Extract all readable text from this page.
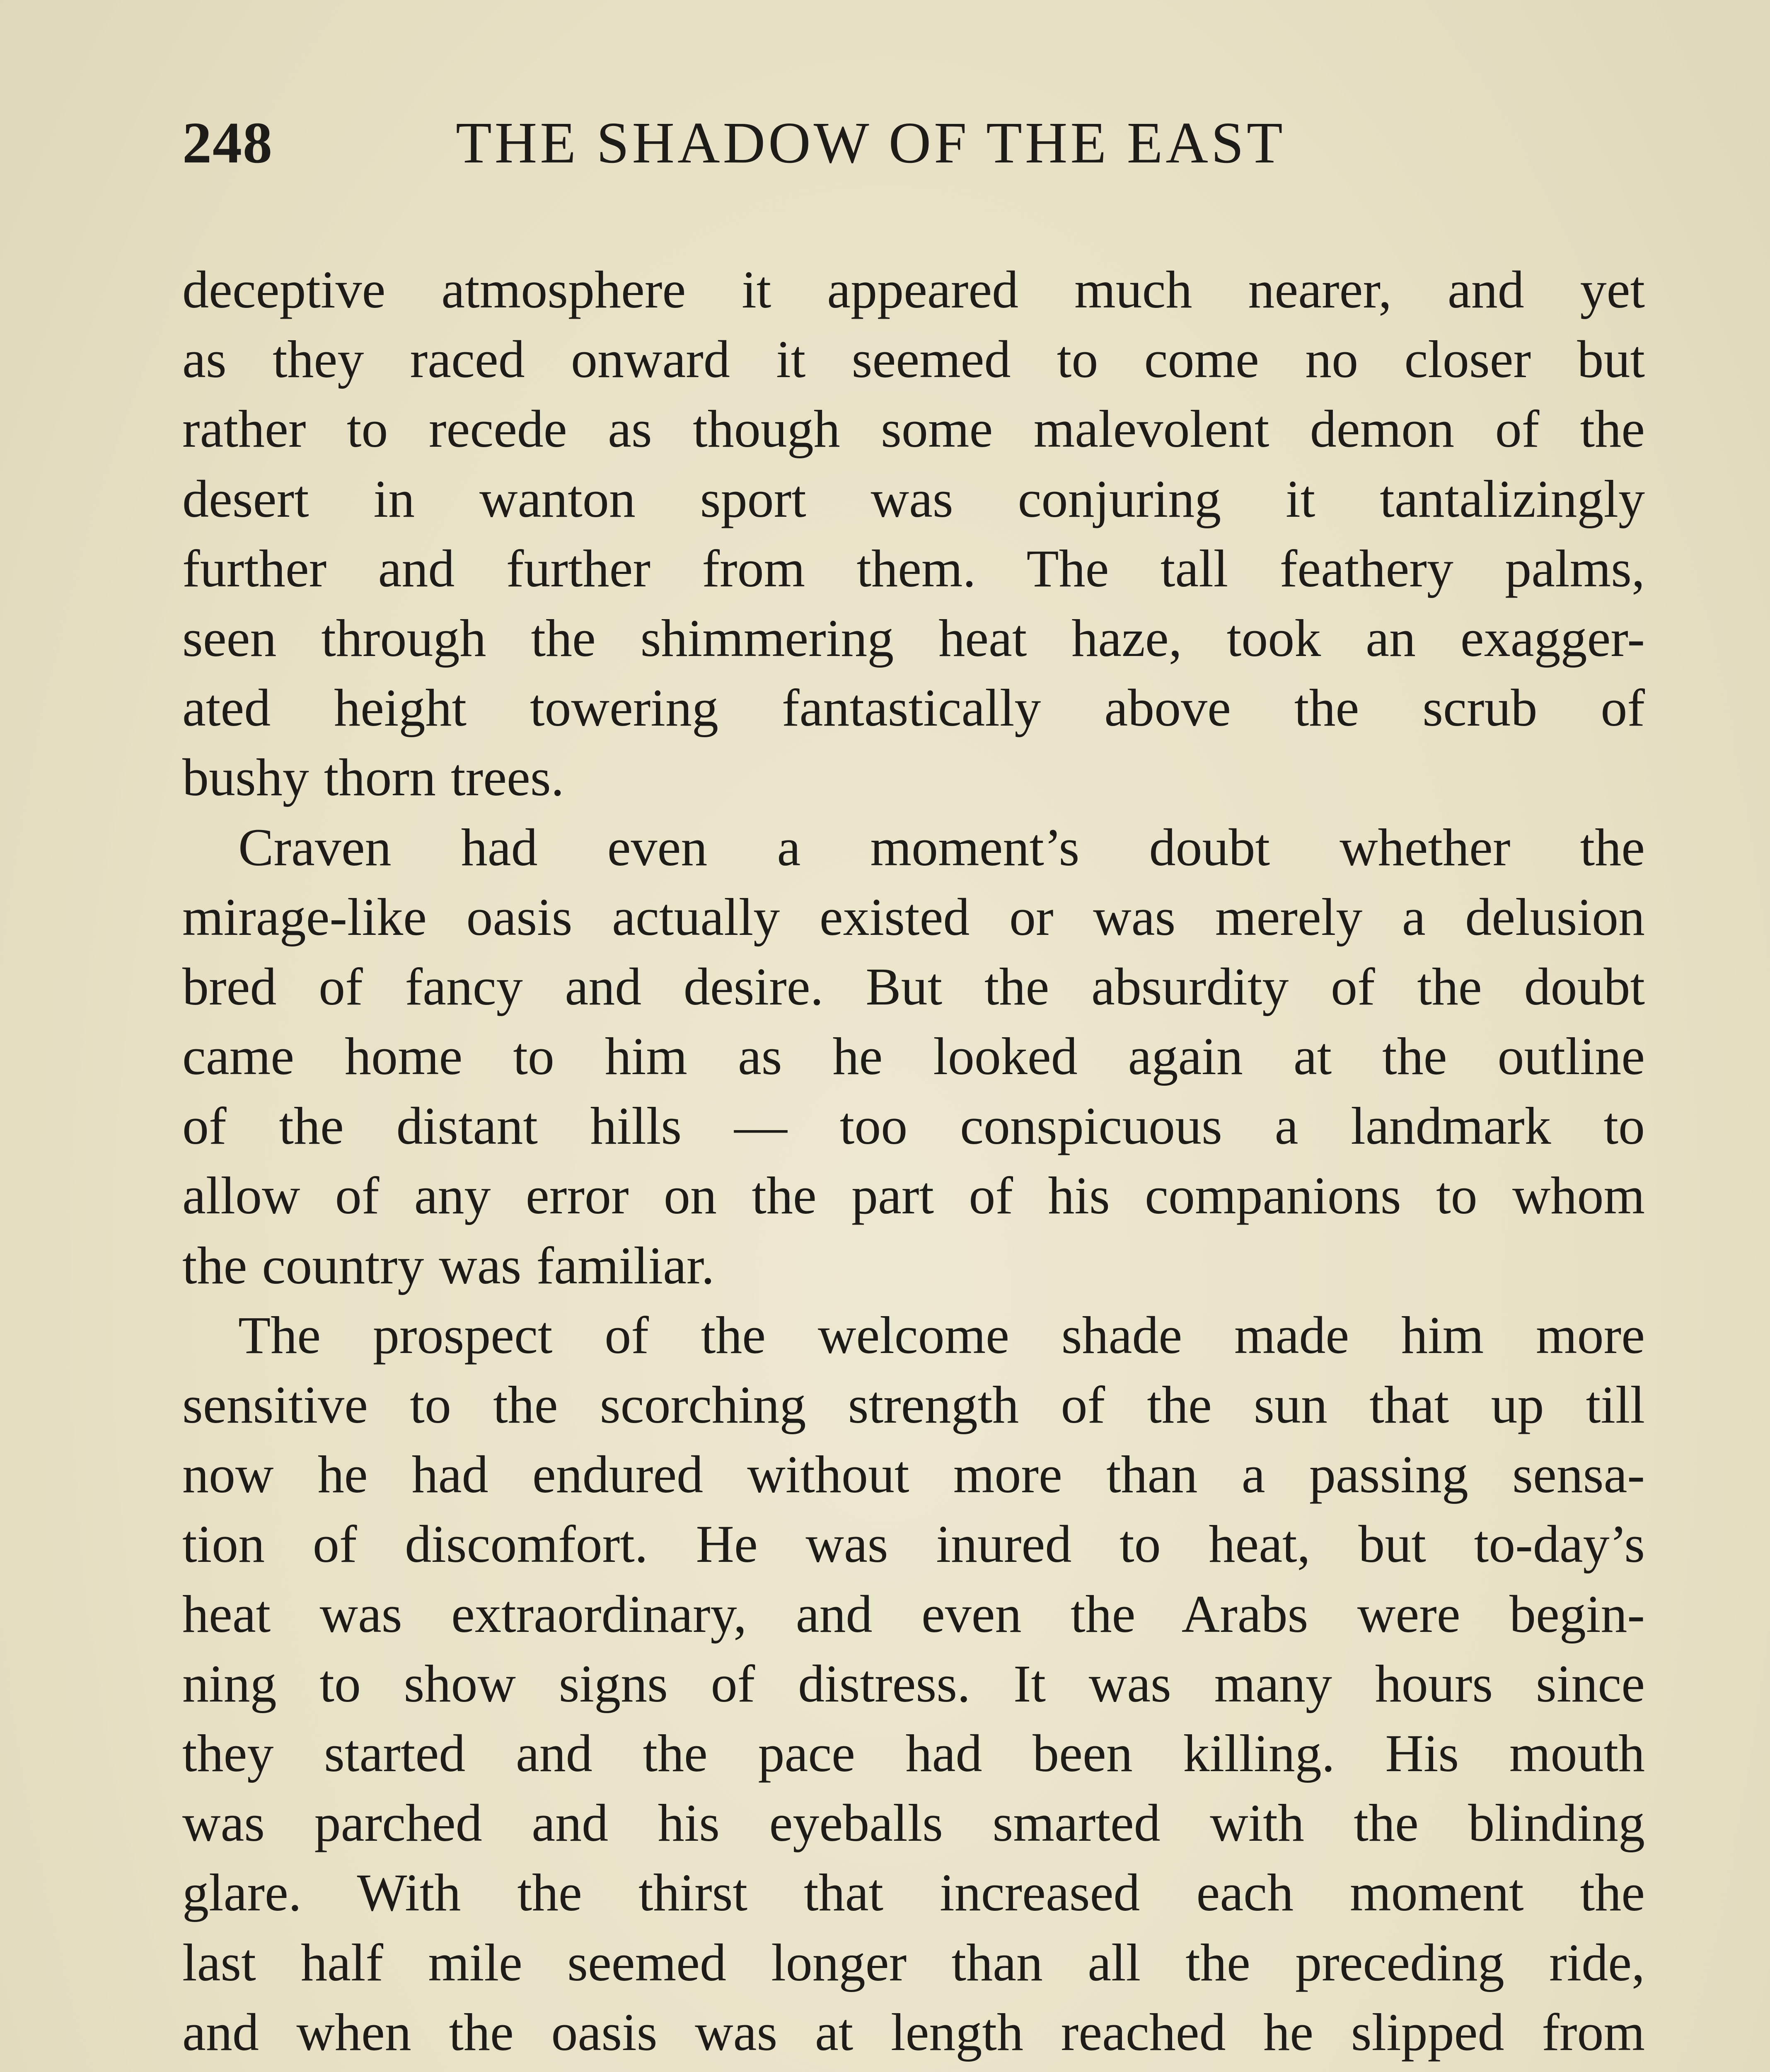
248	THE SHADOW OF THE EAST
deceptive atmosphere it appeared much nearer, and yet
as they raced onward it seemed to come no closer but
rather to recede as though some malevolent demon of the
desert in wanton sport was conjuring it tantalizingly
further and further from them. The tall feathery palms,
seen through the shimmering heat haze, took an exagger-
ated height towering fantastically above the scrub of
bushy thorn trees.
Craven had even a moment’s doubt whether the
mirage-like oasis actually existed or was merely a delusion
bred of fancy and desire. But the absurdity of the doubt
came home to him as he looked again at the outline
of the distant hills — too conspicuous a landmark to
allow of any error on the part of his companions to whom
the country was familiar.
The prospect of the welcome shade made him more
sensitive to the scorching strength of the sun that up till
now he had endured without more than a passing sensa-
tion of discomfort. He was inured to heat, but to-day’s
heat was extraordinary, and even the Arabs were begin-
ning to show signs of distress. It was many hours since
they started and the pace had been killing. His mouth
was parched and his eyeballs smarted with the blinding
glare. With the thirst that increased each moment the
last half mile seemed longer than all the preceding ride,
and when the oasis was at length reached he slipped from
